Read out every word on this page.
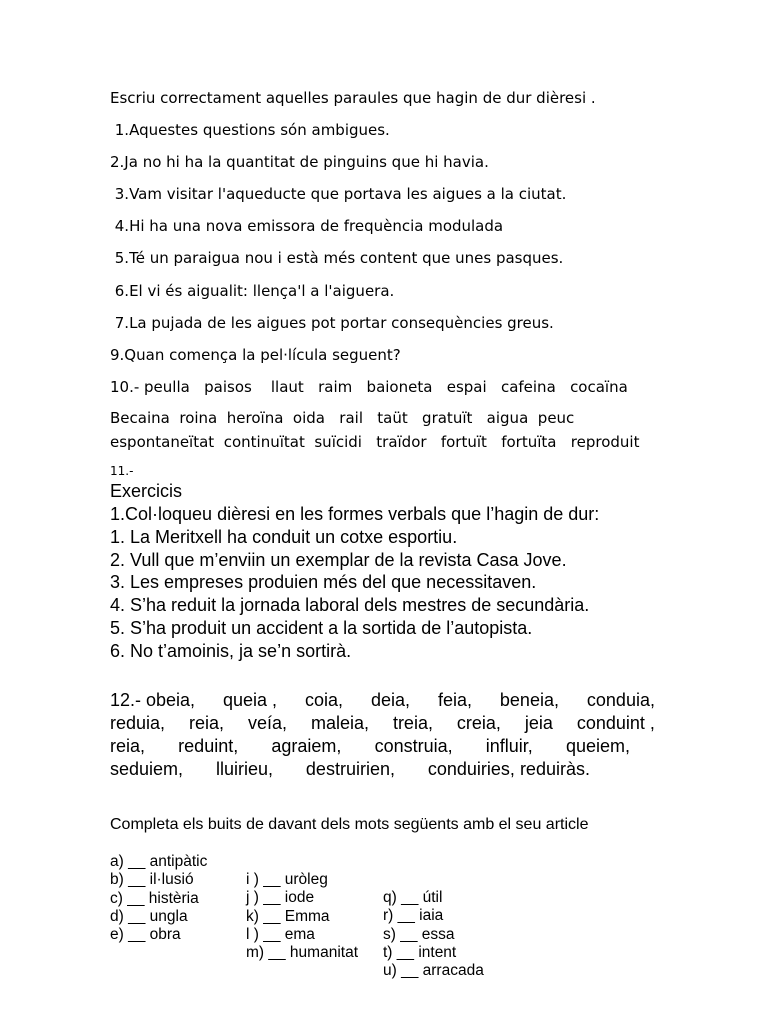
Escriu correctament aquelles paraules que hagin de dur dièresi .
1.Aquestes questions són ambigues.
2.Ja no hi ha la quantitat de pinguins que hi havia.
3.Vam visitar l'aqueducte que portava les aigues a la ciutat.
4.Hi ha una nova emissora de frequència modulada
5.Té un paraigua nou i està més content que unes pasques.
6.El vi és aigualit: llença'l a l'aiguera.
7.La pujada de les aigues pot portar consequències greus.
9.Quan comença la pel·lícula seguent?
10.- peulla   paisos    llaut   raim   baioneta   espai   cafeina   cocaïna
Becaina  roina  heroïna  oida   rail   taüt   gratuït   aigua  peuc
espontaneïtat  continuïtat  suïcidi   traïdor   fortuït   fortuïta   reproduit
11.-
Exercicis
1.Col·loqueu dièresi en les formes verbals que l’hagin de dur:
1. La Meritxell ha conduit un cotxe esportiu.
2. Vull que m’enviin un exemplar de la revista Casa Jove.
3. Les empreses produien més del que necessitaven.
4. S’ha reduit la jornada laboral dels mestres de secundària.
5. S’ha produit un accident a la sortida de l’autopista.
6. No t’amoinis, ja se’n sortirà.
12.- obeia, queia , coia, deia, feia, beneia, conduia,
reduia, reia, veía, maleia, treia, creia, jeia conduint ,
reia, reduint, agraiem, construia, influir, queiem,
seduiem, lluirieu, destruirien, conduiries, reduiràs.
Completa els buits de davant dels mots següents amb el seu article

a) __ antipàtic

i ) __ uròleg

q) __ útil

b) __ il·lusió

j ) __ iode

r) __ iaia

c) __ histèria

k) __ Emma

s) __ essa

d) __ ungla

l ) __ ema

t) __ intent

e) __ obra

m) __ humanitat

u) __ arracada
